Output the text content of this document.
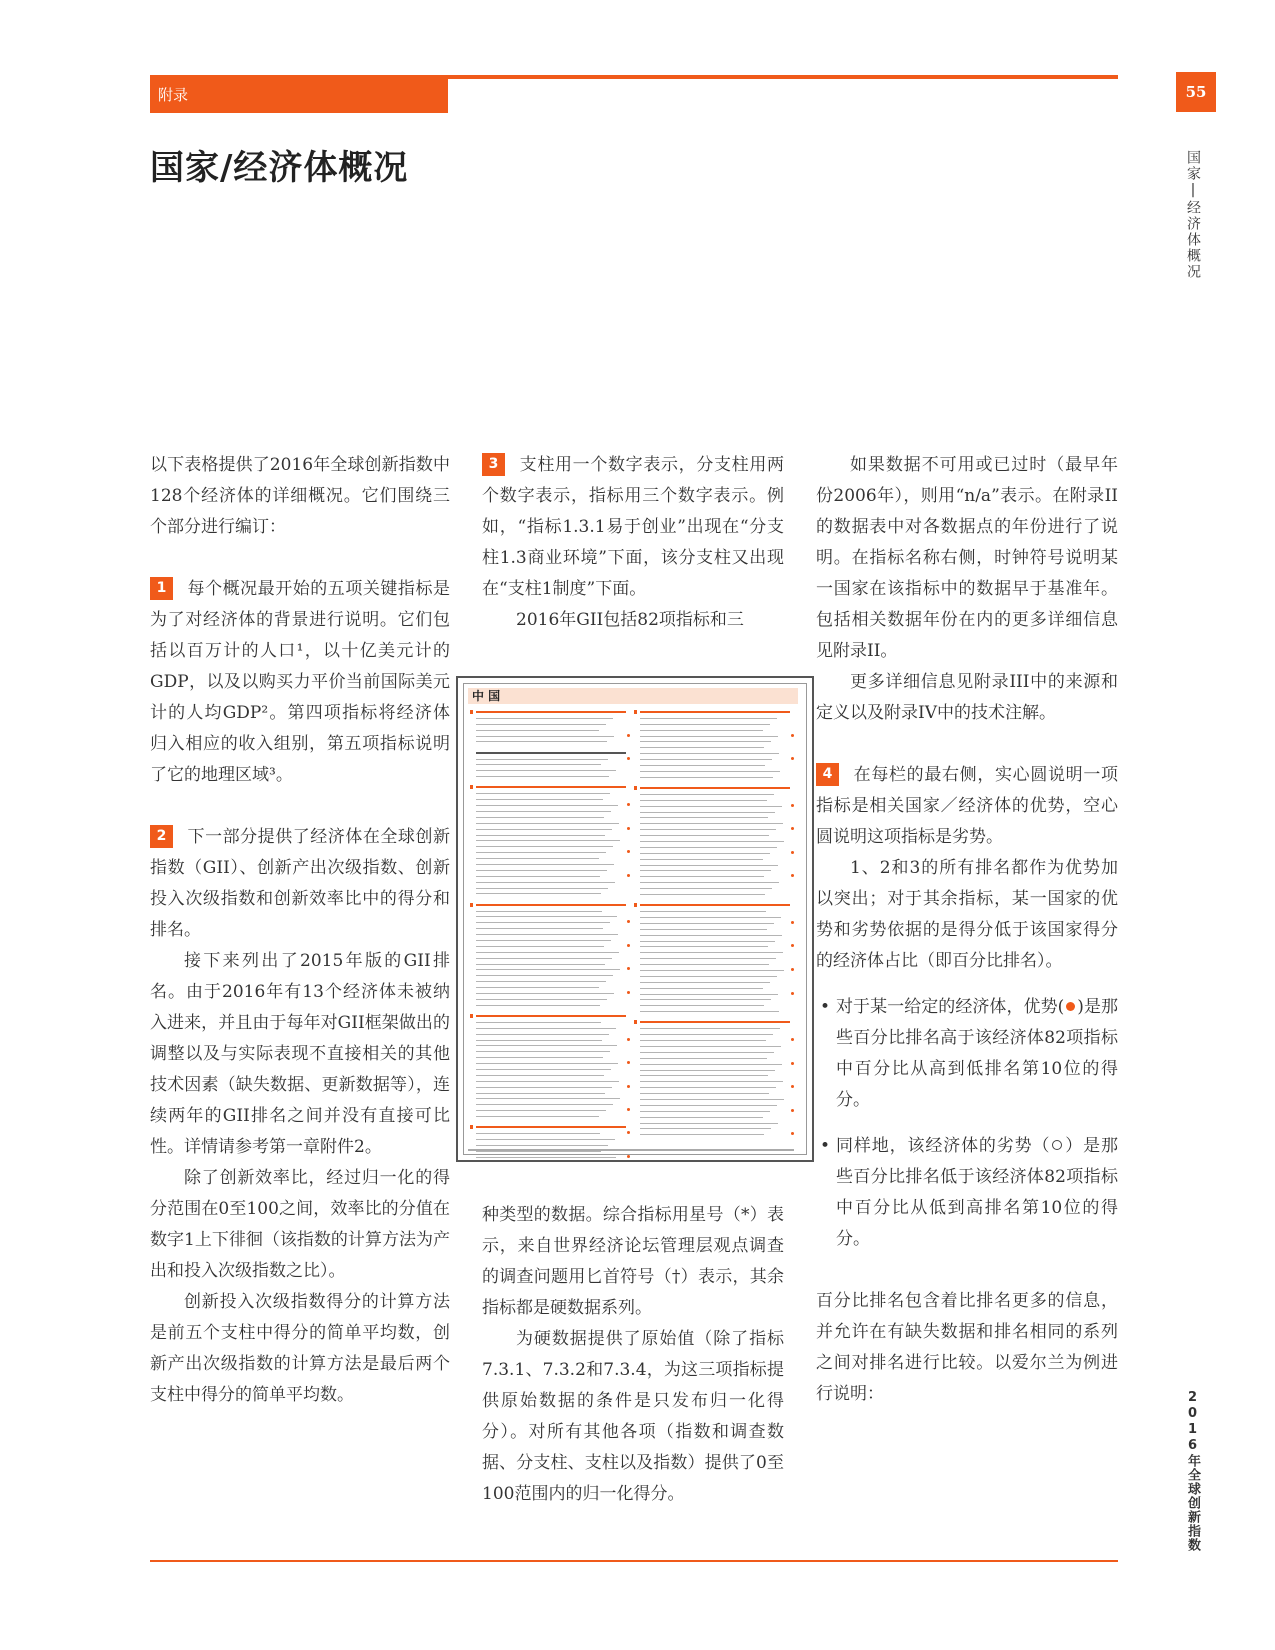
附录	55
国家/经济体概况	国家|经济体概况
2016年全球创新指数

以下表格提供了2016年全球创新指数中128个经济体的详细概况。它们围绕三个部分进行编订：

1 每个概况最开始的五项关键指标是为了对经济体的背景进行说明。它们包括以百万计的人口¹，以十亿美元计的GDP，以及以购买力平价当前国际美元计的人均GDP²。第四项指标将经济体归入相应的收入组别，第五项指标说明了它的地理区域³。

2 下一部分提供了经济体在全球创新指数（GII）、创新产出次级指数、创新投入次级指数和创新效率比中的得分和排名。

接下来列出了2015年版的GII排名。由于2016年有13个经济体未被纳入进来，并且由于每年对GII框架做出的调整以及与实际表现不直接相关的其他技术因素（缺失数据、更新数据等），连续两年的GII排名之间并没有直接可比性。详情请参考第一章附件2。

除了创新效率比，经过归一化的得分范围在0至100之间，效率比的分值在数字1上下徘徊（该指数的计算方法为产出和投入次级指数之比）。

创新投入次级指数得分的计算方法是前五个支柱中得分的简单平均数，创新产出次级指数的计算方法是最后两个支柱中得分的简单平均数。

3 支柱用一个数字表示，分支柱用两个数字表示，指标用三个数字表示。例如，“指标1.3.1易于创业”出现在“分支柱1.3商业环境”下面，该分支柱又出现在“支柱1制度”下面。

2016年GII包括82项指标和三

中 国

种类型的数据。综合指标用星号（*）表示，来自世界经济论坛管理层观点调查的调查问题用匕首符号（†）表示，其余指标都是硬数据系列。

为硬数据提供了原始值（除了指标7.3.1、7.3.2和7.3.4，为这三项指标提供原始数据的条件是只发布归一化得分）。对所有其他各项（指数和调查数据、分支柱、支柱以及指数）提供了0至100范围内的归一化得分。

如果数据不可用或已过时（最早年份2006年），则用“n/a”表示。在附录II的数据表中对各数据点的年份进行了说明。在指标名称右侧，时钟符号说明某一国家在该指标中的数据早于基准年。包括相关数据年份在内的更多详细信息见附录II。

更多详细信息见附录III中的来源和定义以及附录IV中的技术注解。

4 在每栏的最右侧，实心圆说明一项指标是相关国家／经济体的优势，空心圆说明这项指标是劣势。

1、2和3的所有排名都作为优势加以突出；对于其余指标，某一国家的优势和劣势依据的是得分低于该国家得分的经济体占比（即百分比排名）。

• 对于某一给定的经济体，优势( )是那些百分比排名高于该经济体82项指标中百分比从高到低排名第10位的得分。
• 同样地，该经济体的劣势（ ）是那些百分比排名低于该经济体82项指标中百分比从低到高排名第10位的得分。

百分比排名包含着比排名更多的信息，并允许在有缺失数据和排名相同的系列之间对排名进行比较。以爱尔兰为例进行说明：
